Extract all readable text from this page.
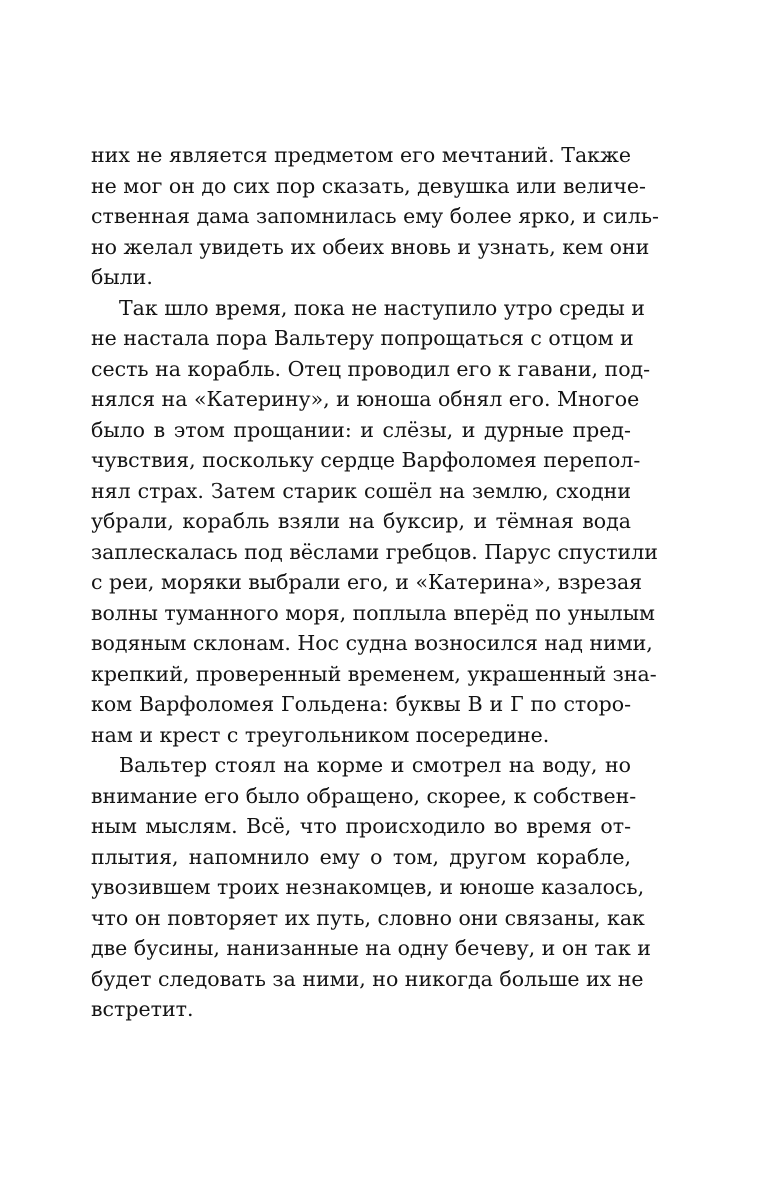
них не является предметом его мечтаний. Также
не мог он до сих пор сказать, девушка или величе-
ственная дама запомнилась ему более ярко, и силь-
но желал увидеть их обеих вновь и узнать, кем они
были.
Так шло время, пока не наступило утро среды и
не настала пора Вальтеру попрощаться с отцом и
сесть на корабль. Отец проводил его к гавани, под-
нялся на «Катерину», и юноша обнял его. Многое
было в этом прощании: и слёзы, и дурные пред-
чувствия, поскольку сердце Варфоломея перепол-
нял страх. Затем старик сошёл на землю, сходни
убрали, корабль взяли на буксир, и тёмная вода
заплескалась под вёслами гребцов. Парус спустили
с реи, моряки выбрали его, и «Катерина», взрезая
волны туманного моря, поплыла вперёд по унылым
водяным склонам. Нос судна возносился над ними,
крепкий, проверенный временем, украшенный зна-
ком Варфоломея Гольдена: буквы В и Г по сторо-
нам и крест с треугольником посередине.
Вальтер стоял на корме и смотрел на воду, но
внимание его было обращено, скорее, к собствен-
ным мыслям. Всё, что происходило во время от-
плытия, напомнило ему о том, другом корабле,
увозившем троих незнакомцев, и юноше казалось,
что он повторяет их путь, словно они связаны, как
две бусины, нанизанные на одну бечеву, и он так и
будет следовать за ними, но никогда больше их не
встретит.
